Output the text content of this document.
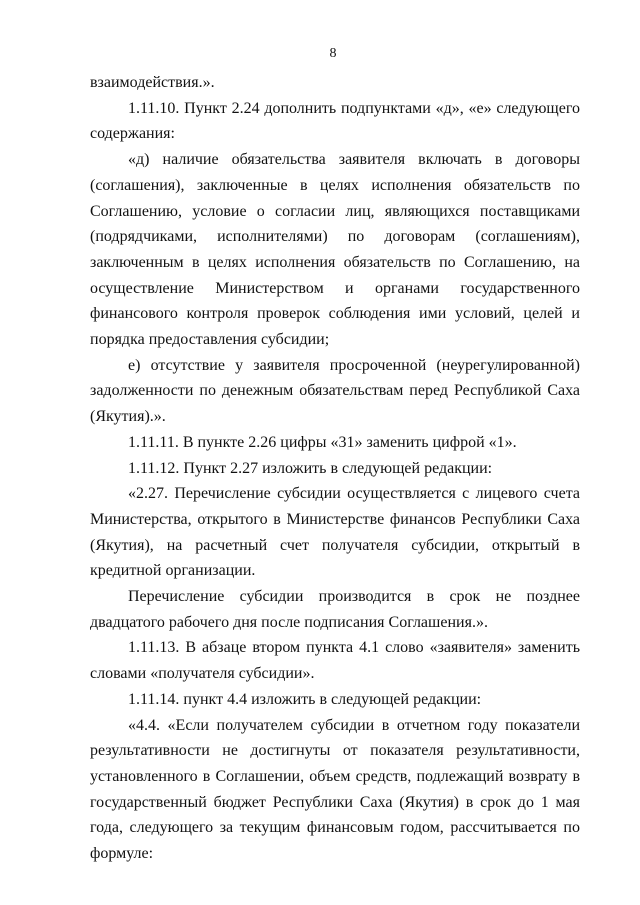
8

взаимодействия.».

1.11.10. Пункт 2.24 дополнить подпунктами «д», «е» следующего содержания:

«д) наличие обязательства заявителя включать в договоры (соглашения), заключенные в целях исполнения обязательств по Соглашению, условие о согласии лиц, являющихся поставщиками (подрядчиками, исполнителями) по договорам (соглашениям), заключенным в целях исполнения обязательств по Соглашению, на осуществление Министерством и органами государственного финансового контроля проверок соблюдения ими условий, целей и порядка предоставления субсидии;

е) отсутствие у заявителя просроченной (неурегулированной) задолженности по денежным обязательствам перед Республикой Саха (Якутия).».

1.11.11. В пункте 2.26 цифры «31» заменить цифрой «1».

1.11.12. Пункт 2.27 изложить в следующей редакции:

«2.27. Перечисление субсидии осуществляется с лицевого счета Министерства, открытого в Министерстве финансов Республики Саха (Якутия), на расчетный счет получателя субсидии, открытый в кредитной организации.

Перечисление субсидии производится в срок не позднее двадцатого рабочего дня после подписания Соглашения.».

1.11.13. В абзаце втором пункта 4.1 слово «заявителя» заменить словами «получателя субсидии».

1.11.14. пункт 4.4 изложить в следующей редакции:

«4.4. «Если получателем субсидии в отчетном году показатели результативности не достигнуты от показателя результативности, установленного в Соглашении, объем средств, подлежащий возврату в государственный бюджет Республики Саха (Якутия) в срок до 1 мая года, следующего за текущим финансовым годом, рассчитывается по формуле:
